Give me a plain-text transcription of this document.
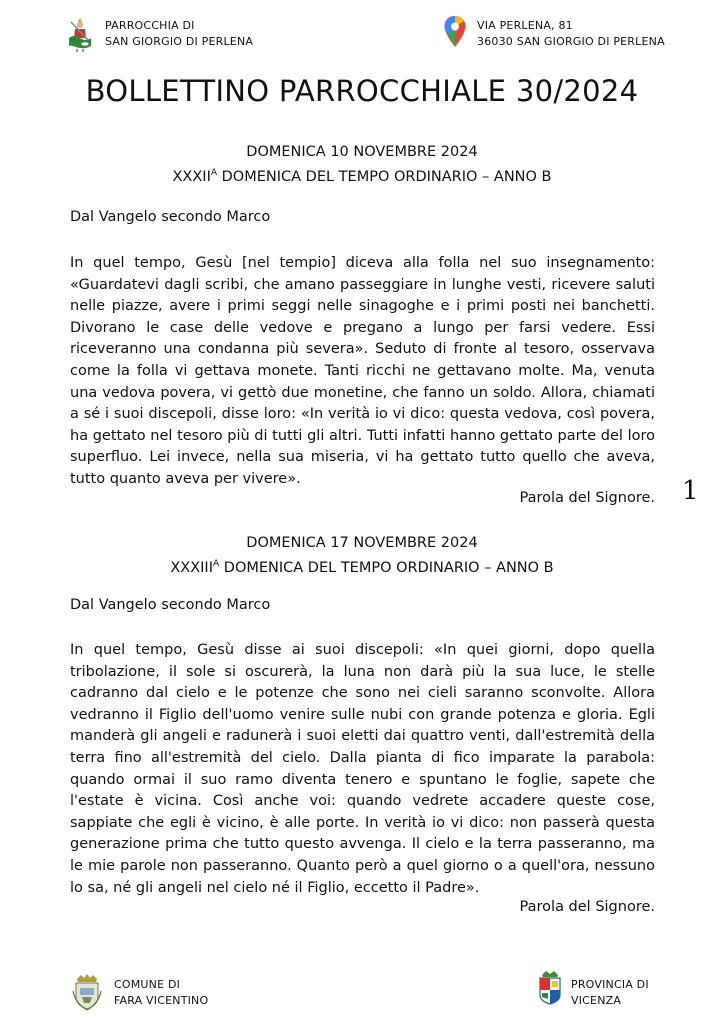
PARROCCHIA DI
SAN GIORGIO DI PERLENA
VIA PERLENA, 81
36030 SAN GIORGIO DI PERLENA
BOLLETTINO PARROCCHIALE 30/2024
DOMENICA 10 NOVEMBRE 2024
$XXXII^A$ DOMENICA DEL TEMPO ORDINARIO – ANNO B
Dal Vangelo secondo Marco
In quel tempo, Gesù [nel tempio] diceva alla folla nel suo insegnamento: «Guardatevi dagli scribi, che amano passeggiare in lunghe vesti, ricevere saluti nelle piazze, avere i primi seggi nelle sinagoghe e i primi posti nei banchetti. Divorano le case delle vedove e pregano a lungo per farsi vedere. Essi riceveranno una condanna più severa». Seduto di fronte al tesoro, osservava come la folla vi gettava monete. Tanti ricchi ne gettavano molte. Ma, venuta una vedova povera, vi gettò due monetine, che fanno un soldo. Allora, chiamati a sé i suoi discepoli, disse loro: «In verità io vi dico: questa vedova, così povera, ha gettato nel tesoro più di tutti gli altri. Tutti infatti hanno gettato parte del loro superfluo. Lei invece, nella sua miseria, vi ha gettato tutto quello che aveva, tutto quanto aveva per vivere».
Parola del Signore. 1
DOMENICA 17 NOVEMBRE 2024
$XXXIII^A$ DOMENICA DEL TEMPO ORDINARIO – ANNO B
Dal Vangelo secondo Marco
In quel tempo, Gesù disse ai suoi discepoli: «In quei giorni, dopo quella tribolazione, il sole si oscurerà, la luna non darà più la sua luce, le stelle cadranno dal cielo e le potenze che sono nei cieli saranno sconvolte. Allora vedranno il Figlio dell'uomo venire sulle nubi con grande potenza e gloria. Egli manderà gli angeli e radunerà i suoi eletti dai quattro venti, dall'estremità della terra fino all'estremità del cielo. Dalla pianta di fico imparate la parabola: quando ormai il suo ramo diventa tenero e spuntano le foglie, sapete che l'estate è vicina. Così anche voi: quando vedrete accadere queste cose, sappiate che egli è vicino, è alle porte. In verità io vi dico: non passerà questa generazione prima che tutto questo avvenga. Il cielo e la terra passeranno, ma le mie parole non passeranno. Quanto però a quel giorno o a quell'ora, nessuno lo sa, né gli angeli nel cielo né il Figlio, eccetto il Padre».
Parola del Signore.
COMUNE DI
FARA VICENTINO
PROVINCIA DI
VICENZA
